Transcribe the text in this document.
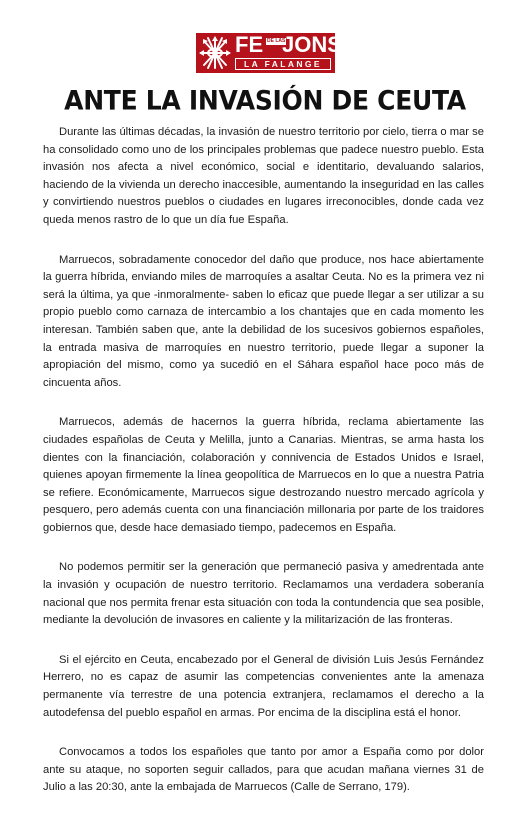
FE DE LAS
JONS
LA FALANGE
ANTE LA INVASIÓN DE CEUTA

Durante las últimas décadas, la invasión de nuestro territorio por cielo, tierra o mar se ha consolidado como uno de los principales problemas que padece nuestro pueblo. Esta invasión nos afecta a nivel económico, social e identitario, devaluando salarios, haciendo de la vivienda un derecho inaccesible, aumentando la inseguridad en las calles y convirtiendo nuestros pueblos o ciudades en lugares irreconocibles, donde cada vez queda menos rastro de lo que un día fue España.

Marruecos, sobradamente conocedor del daño que produce, nos hace abiertamente la guerra híbrida, enviando miles de marroquíes a asaltar Ceuta. No es la primera vez ni será la última, ya que -inmoralmente- saben lo eficaz que puede llegar a ser utilizar a su propio pueblo como carnaza de intercambio a los chantajes que en cada momento les interesan. También saben que, ante la debilidad de los sucesivos gobiernos españoles, la entrada masiva de marroquíes en nuestro territorio, puede llegar a suponer la apropiación del mismo, como ya sucedió en el Sáhara español hace poco más de cincuenta años.

Marruecos, además de hacernos la guerra híbrida, reclama abiertamente las ciudades españolas de Ceuta y Melilla, junto a Canarias. Mientras, se arma hasta los dientes con la financiación, colaboración y connivencia de Estados Unidos e Israel, quienes apoyan firmemente la línea geopolítica de Marruecos en lo que a nuestra Patria se refiere. Económicamente, Marruecos sigue destrozando nuestro mercado agrícola y pesquero, pero además cuenta con una financiación millonaria por parte de los traidores gobiernos que, desde hace demasiado tiempo, padecemos en España.

No podemos permitir ser la generación que permaneció pasiva y amedrentada ante la invasión y ocupación de nuestro territorio. Reclamamos una verdadera soberanía nacional que nos permita frenar esta situación con toda la contundencia que sea posible, mediante la devolución de invasores en caliente y la militarización de las fronteras.

Si el ejército en Ceuta, encabezado por el General de división Luis Jesús Fernández Herrero, no es capaz de asumir las competencias convenientes ante la amenaza permanente vía terrestre de una potencia extranjera, reclamamos el derecho a la autodefensa del pueblo español en armas. Por encima de la disciplina está el honor.

Convocamos a todos los españoles que tanto por amor a España como por dolor ante su ataque, no soporten seguir callados, para que acudan mañana viernes 31 de Julio a las 20:30, ante la embajada de Marruecos (Calle de Serrano, 179).
